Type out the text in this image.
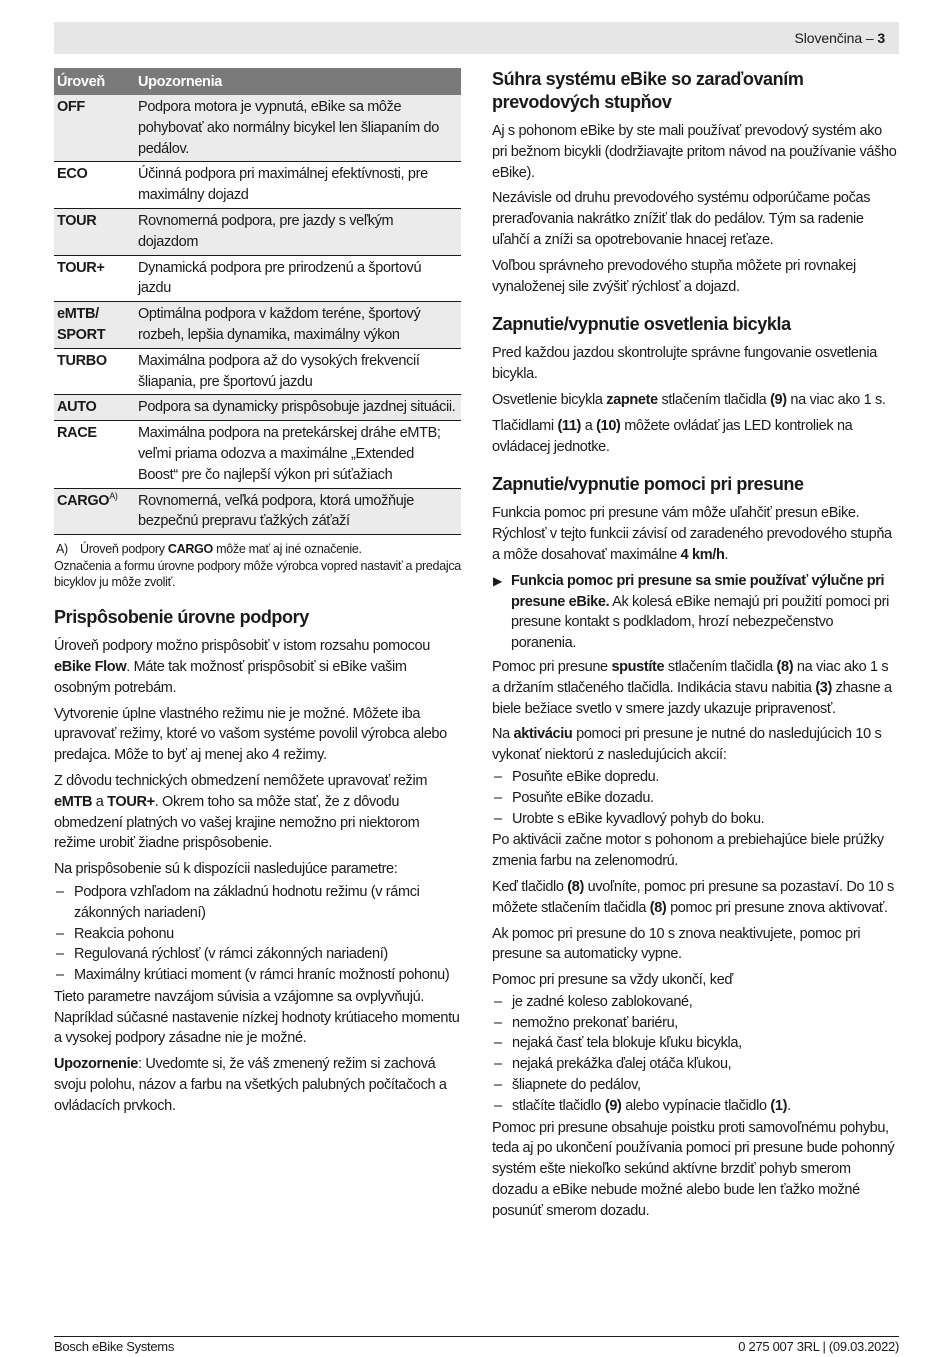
Slovenčina – 3
Úroveň	Upozornenia
OFF	Podpora motora je vypnutá, eBike sa môže pohybovať ako normálny bicykel len šliapaním do pedálov.
ECO	Účinná podpora pri maximálnej efektívnosti, pre maximálny dojazd
TOUR	Rovnomerná podpora, pre jazdy s veľkým dojazdom
TOUR+	Dynamická podpora pre prirodzenú a športovú jazdu
eMTB/ SPORT	Optimálna podpora v každom teréne, športový rozbeh, lepšia dynamika, maximálny výkon
TURBO	Maximálna podpora až do vysokých frekvencií šliapania, pre športovú jazdu
AUTO	Podpora sa dynamicky prispôsobuje jazdnej situácii.
RACE	Maximálna podpora na pretekárskej dráhe eMTB; veľmi priama odozva a maximálne „Extended Boost“ pre čo najlepší výkon pri súťažiach
$CARGO^{A)}$	Rovnomerná, veľká podpora, ktorá umožňuje bezpečnú prepravu ťažkých záťaží

A) Úroveň podpory CARGO môže mať aj iné označenie.

Označenia a formu úrovne podpory môže výrobca vopred nastaviť a predajca bicyklov ju môže zvoliť.

Prispôsobenie úrovne podpory

Úroveň podpory možno prispôsobiť v istom rozsahu pomocou eBike Flow. Máte tak možnosť prispôsobiť si eBike vašim osobným potrebám.

Vytvorenie úplne vlastného režimu nie je možné. Môžete iba upravovať režimy, ktoré vo vašom systéme povolil výrobca alebo predajca. Môže to byť aj menej ako 4 režimy.

Z dôvodu technických obmedzení nemôžete upravovať režim eMTB a TOUR+. Okrem toho sa môže stať, že z dôvodu obmedzení platných vo vašej krajine nemožno pri niektorom režime urobiť žiadne prispôsobenie.

Na prispôsobenie sú k dispozícii nasledujúce parametre:

– Podpora vzhľadom na základnú hodnotu režimu (v rámci zákonných nariadení)
– Reakcia pohonu
– Regulovaná rýchlosť (v rámci zákonných nariadení)
– Maximálny krútiaci moment (v rámci hraníc možností pohonu)

Tieto parametre navzájom súvisia a vzájomne sa ovplyvňujú. Napríklad súčasné nastavenie nízkej hodnoty krútiaceho momentu a vysokej podpory zásadne nie je možné.

Upozornenie: Uvedomte si, že váš zmenený režim si zachová svoju polohu, názov a farbu na všetkých palubných počítačoch a ovládacích prvkoch.

Súhra systému eBike so zaraďovaním prevodových stupňov

Aj s pohonom eBike by ste mali používať prevodový systém ako pri bežnom bicykli (dodržiavajte pritom návod na používanie vášho eBike).

Nezávisle od druhu prevodového systému odporúčame počas preraďovania nakrátko znížiť tlak do pedálov. Tým sa radenie uľahčí a zníži sa opotrebovanie hnacej reťaze.

Voľbou správneho prevodového stupňa môžete pri rovnakej vynaloženej sile zvýšiť rýchlosť a dojazd.

Zapnutie/vypnutie osvetlenia bicykla

Pred každou jazdou skontrolujte správne fungovanie osvetlenia bicykla.

Osvetlenie bicykla zapnete stlačením tlačidla (9) na viac ako 1 s.

Tlačidlami (11) a (10) môžete ovládať jas LED kontroliek na ovládacej jednotke.

Zapnutie/vypnutie pomoci pri presune

Funkcia pomoc pri presune vám môže uľahčiť presun eBike. Rýchlosť v tejto funkcii závisí od zaradeného prevodového stupňa a môže dosahovať maximálne 4 km/h.

▶ Funkcia pomoc pri presune sa smie používať výlučne pri presune eBike. Ak kolesá eBike nemajú pri použití pomoci pri presune kontakt s podkladom, hrozí nebezpečenstvo poranenia.

Pomoc pri presune spustíte stlačením tlačidla (8) na viac ako 1 s a držaním stlačeného tlačidla. Indikácia stavu nabitia (3) zhasne a biele bežiace svetlo v smere jazdy ukazuje pripravenosť.

Na aktiváciu pomoci pri presune je nutné do nasledujúcich 10 s vykonať niektorú z nasledujúcich akcií:

– Posuňte eBike dopredu.
– Posuňte eBike dozadu.
– Urobte s eBike kyvadlový pohyb do boku.

Po aktivácii začne motor s pohonom a prebiehajúce biele prúžky zmenia farbu na zelenomodrú.

Keď tlačidlo (8) uvoľníte, pomoc pri presune sa pozastaví. Do 10 s môžete stlačením tlačidla (8) pomoc pri presune znova aktivovať.

Ak pomoc pri presune do 10 s znova neaktivujete, pomoc pri presune sa automaticky vypne.

Pomoc pri presune sa vždy ukončí, keď

– je zadné koleso zablokované,
– nemožno prekonať bariéru,
– nejaká časť tela blokuje kľuku bicykla,
– nejaká prekážka ďalej otáča kľukou,
– šliapnete do pedálov,
– stlačíte tlačidlo (9) alebo vypínacie tlačidlo (1).

Pomoc pri presune obsahuje poistku proti samovoľnému pohybu, teda aj po ukončení používania pomoci pri presune bude pohonný systém ešte niekoľko sekúnd aktívne brzdiť pohyb smerom dozadu a eBike nebude možné alebo bude len ťažko možné posunúť smerom dozadu.

Bosch eBike Systems	0 275 007 3RL | (09.03.2022)
